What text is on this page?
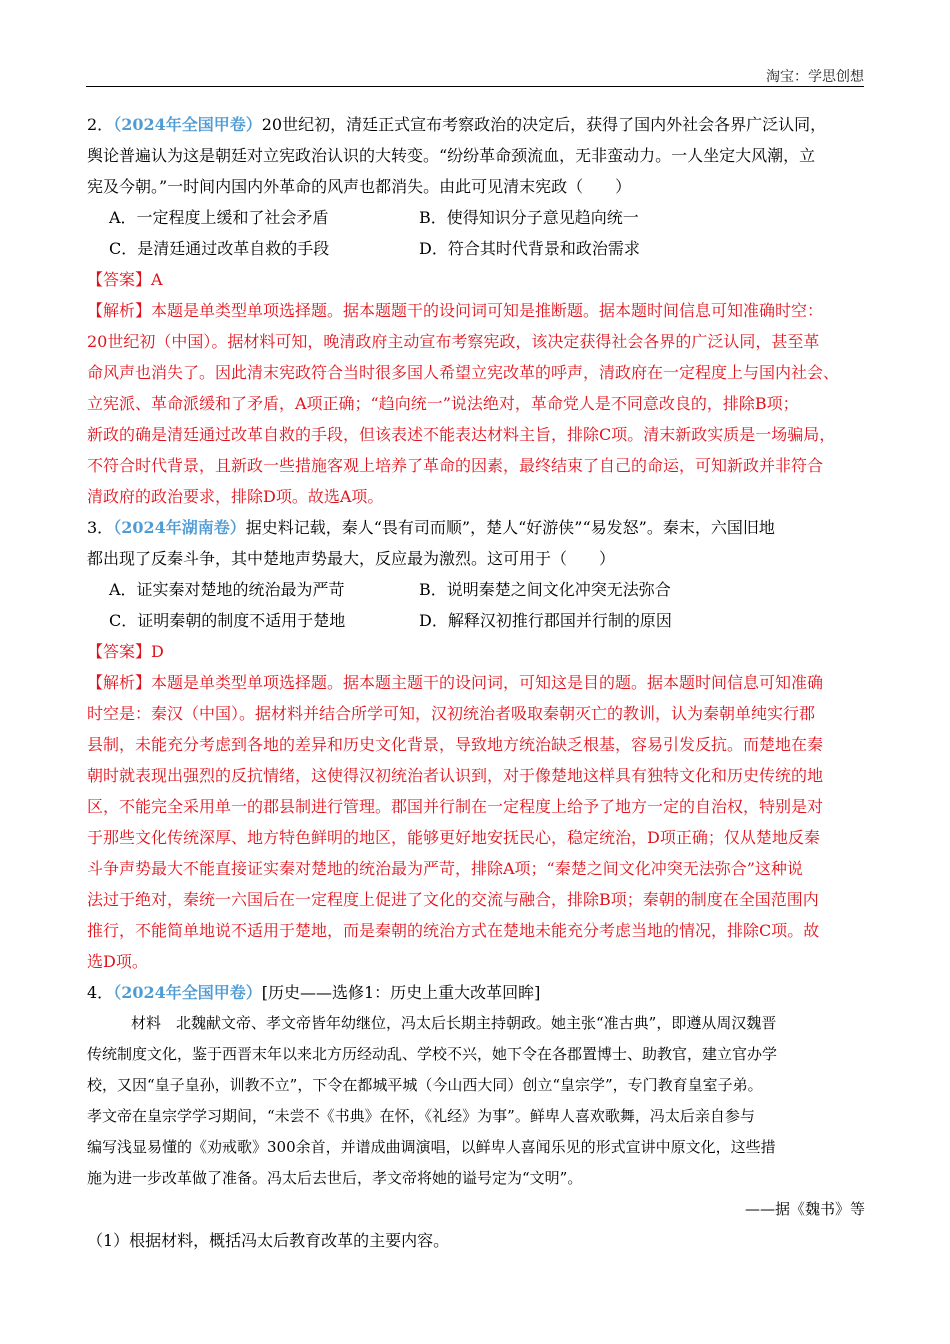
淘宝：学思创想
2．（2024年全国甲卷）20世纪初，清廷正式宣布考察政治的决定后，获得了国内外社会各界广泛认同，
舆论普遍认为这是朝廷对立宪政治认识的大转变。“纷纷革命颈流血，无非蛮动力。一人坐定大风潮，立
宪及今朝。”一时间内国内外革命的风声也都消失。由此可见清末宪政（　　）
A．一定程度上缓和了社会矛盾	B．使得知识分子意见趋向统一
C．是清廷通过改革自救的手段	D．符合其时代背景和政治需求
【答案】A
【解析】本题是单类型单项选择题。据本题题干的设问词可知是推断题。据本题时间信息可知准确时空：
20世纪初（中国）。据材料可知，晚清政府主动宣布考察宪政，该决定获得社会各界的广泛认同，甚至革
命风声也消失了。因此清末宪政符合当时很多国人希望立宪改革的呼声，清政府在一定程度上与国内社会、
立宪派、革命派缓和了矛盾，A项正确；“趋向统一”说法绝对，革命党人是不同意改良的，排除B项；
新政的确是清廷通过改革自救的手段，但该表述不能表达材料主旨，排除C项。清末新政实质是一场骗局，
不符合时代背景，且新政一些措施客观上培养了革命的因素，最终结束了自己的命运，可知新政并非符合
清政府的政治要求，排除D项。故选A项。
3．（2024年湖南卷）据史料记载，秦人“畏有司而顺”，楚人“好游侠”“易发怒”。秦末，六国旧地
都出现了反秦斗争，其中楚地声势最大，反应最为激烈。这可用于（　　）
A．证实秦对楚地的统治最为严苛	B．说明秦楚之间文化冲突无法弥合
C．证明秦朝的制度不适用于楚地	D．解释汉初推行郡国并行制的原因
【答案】D
【解析】本题是单类型单项选择题。据本题主题干的设问词，可知这是目的题。据本题时间信息可知准确
时空是：秦汉（中国）。据材料并结合所学可知，汉初统治者吸取秦朝灭亡的教训，认为秦朝单纯实行郡
县制，未能充分考虑到各地的差异和历史文化背景，导致地方统治缺乏根基，容易引发反抗。而楚地在秦
朝时就表现出强烈的反抗情绪，这使得汉初统治者认识到，对于像楚地这样具有独特文化和历史传统的地
区，不能完全采用单一的郡县制进行管理。郡国并行制在一定程度上给予了地方一定的自治权，特别是对
于那些文化传统深厚、地方特色鲜明的地区，能够更好地安抚民心，稳定统治，D项正确；仅从楚地反秦
斗争声势最大不能直接证实秦对楚地的统治最为严苛，排除A项；“秦楚之间文化冲突无法弥合”这种说
法过于绝对，秦统一六国后在一定程度上促进了文化的交流与融合，排除B项；秦朝的制度在全国范围内
推行，不能简单地说不适用于楚地，而是秦朝的统治方式在楚地未能充分考虑当地的情况，排除C项。故
选D项。
4．（2024年全国甲卷）[历史——选修1：历史上重大改革回眸]
材料　北魏献文帝、孝文帝皆年幼继位，冯太后长期主持朝政。她主张“准古典”，即遵从周汉魏晋
传统制度文化，鉴于西晋末年以来北方历经动乱、学校不兴，她下令在各郡置博士、助教官，建立官办学
校，又因“皇子皇孙，训教不立”，下令在都城平城（今山西大同）创立“皇宗学”，专门教育皇室子弟。
孝文帝在皇宗学学习期间，“未尝不《书典》在怀，《礼经》为事”。鲜卑人喜欢歌舞，冯太后亲自参与
编写浅显易懂的《劝戒歌》300余首，并谱成曲调演唱，以鲜卑人喜闻乐见的形式宣讲中原文化，这些措
施为进一步改革做了准备。冯太后去世后，孝文帝将她的谥号定为“文明”。
——据《魏书》等
（1）根据材料，概括冯太后教育改革的主要内容。
